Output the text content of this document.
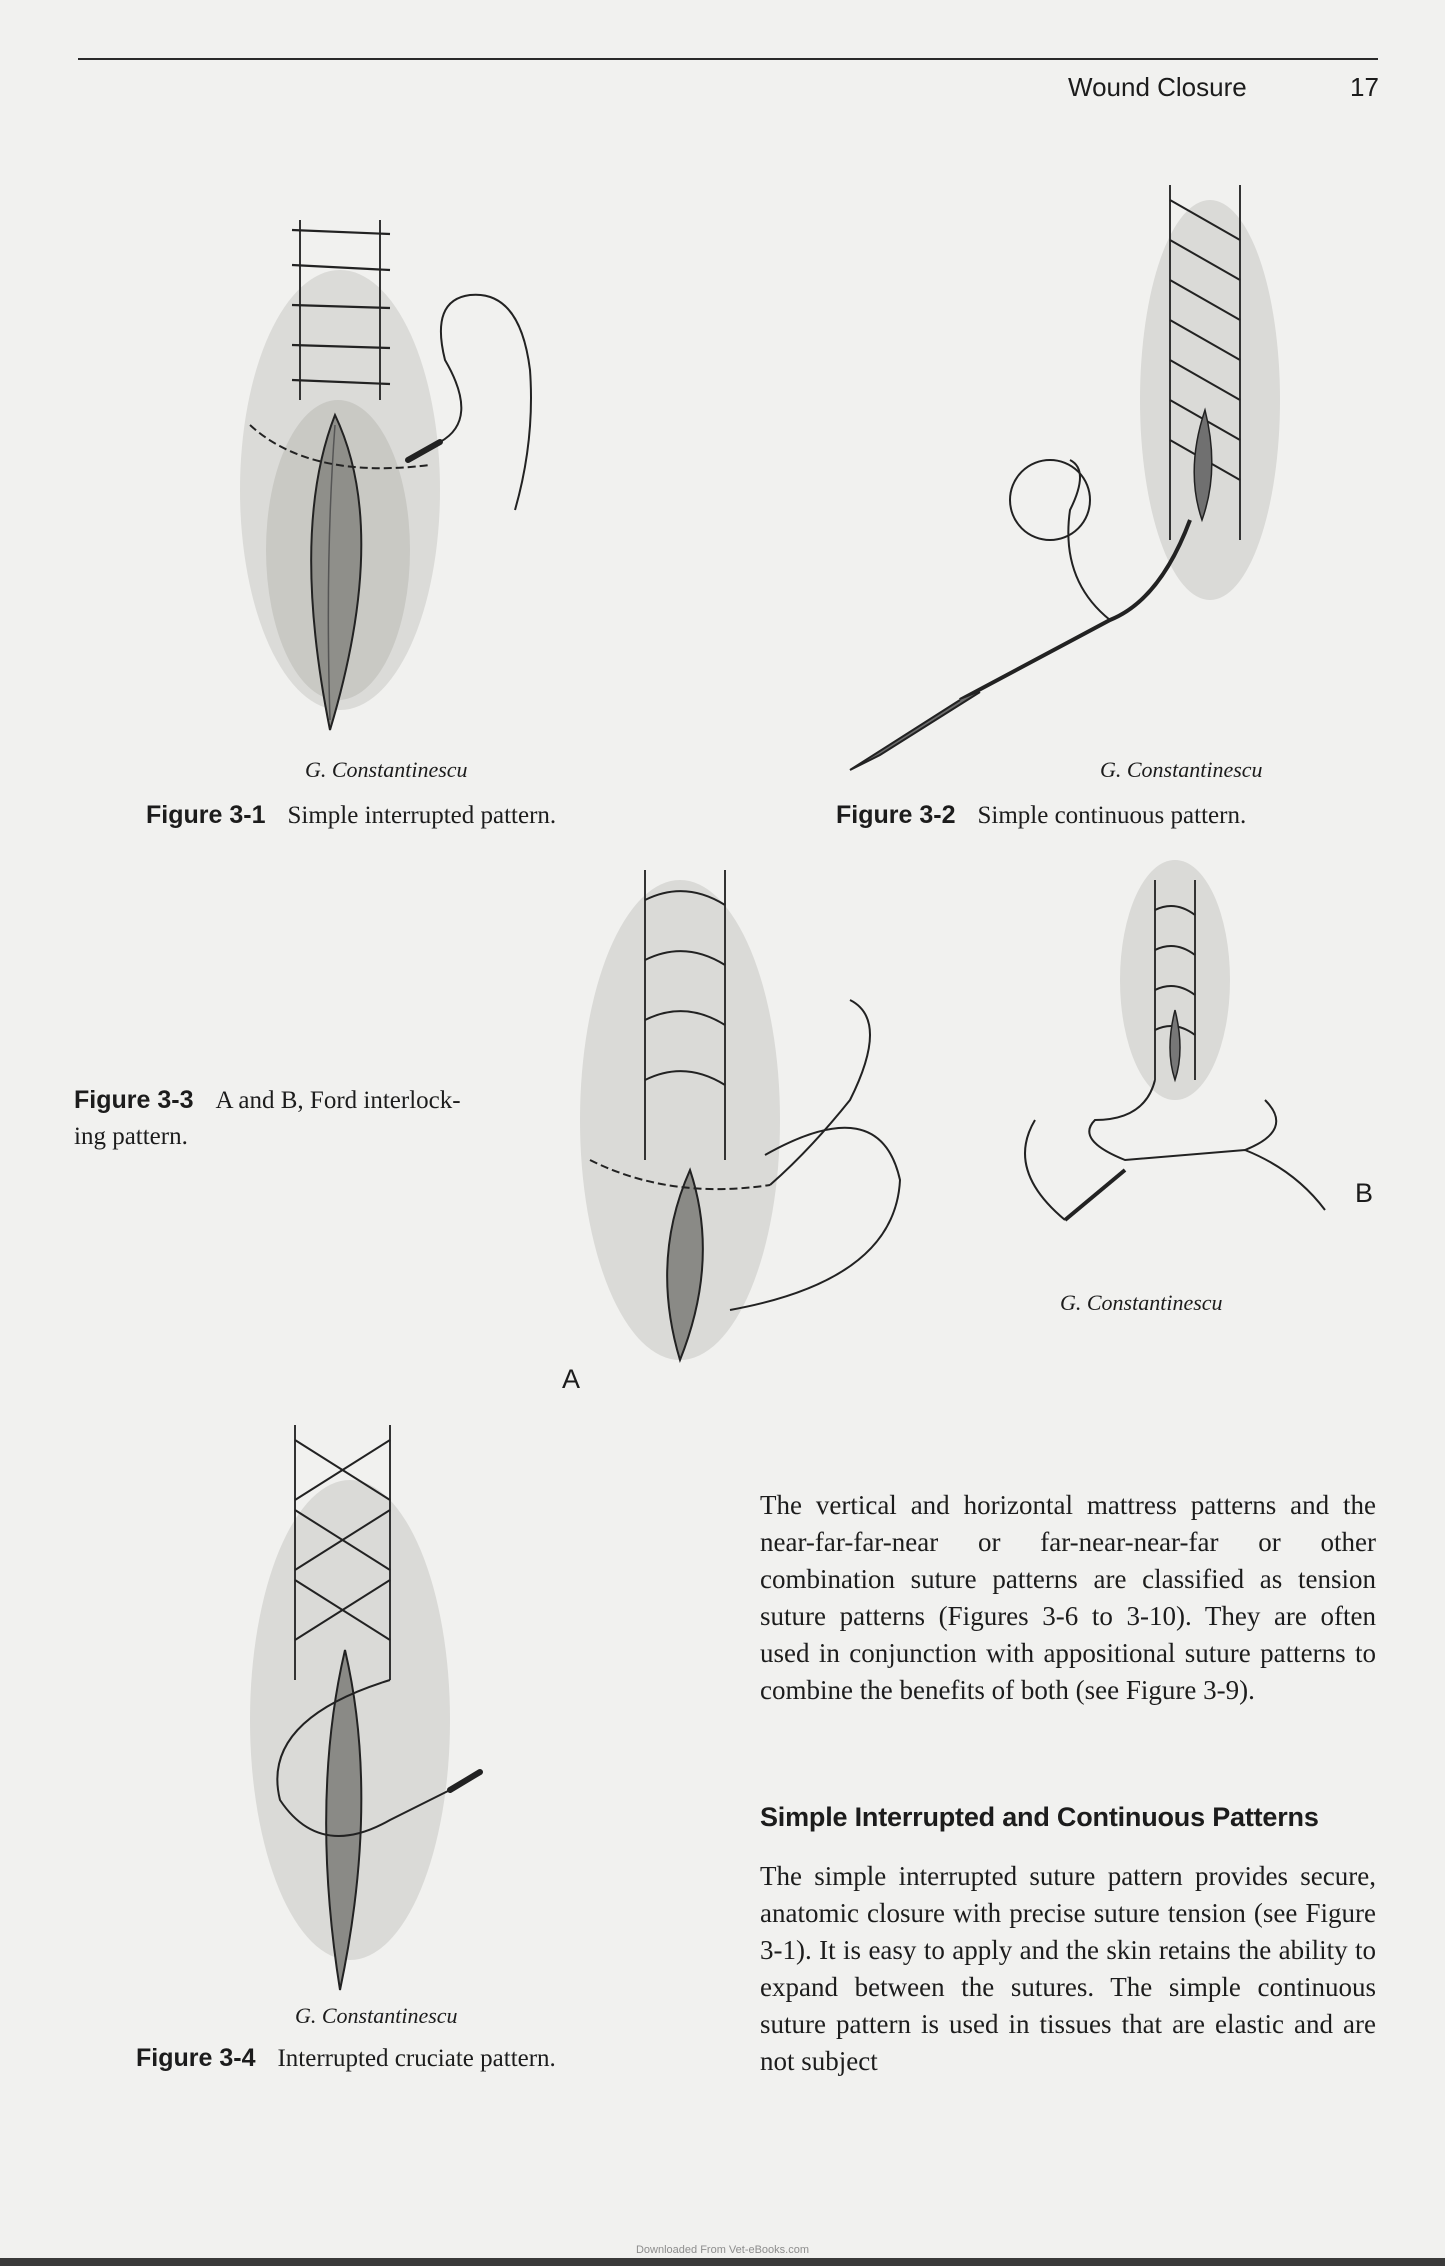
Wound Closure	17
G. Constantinescu
Figure 3-1 Simple interrupted pattern.
G. Constantinescu
Figure 3-2 Simple continuous pattern.
Figure 3-3 A and B, Ford interlock-
ing pattern.
A
B
G. Constantinescu
G. Constantinescu
Figure 3-4 Interrupted cruciate pattern.

The vertical and horizontal mattress patterns and the near-far-far-near or far-near-near-far or other combination suture patterns are classified as tension suture patterns (Figures 3-6 to 3-10). They are often used in conjunction with appositional suture patterns to combine the benefits of both (see Figure 3-9).

Simple Interrupted and Continuous Patterns

The simple interrupted suture pattern provides secure, anatomic closure with precise suture tension (see Figure 3-1). It is easy to apply and the skin retains the ability to expand between the sutures. The simple continuous suture pattern is used in tissues that are elastic and are not subject

Downloaded From Vet-eBooks.com
